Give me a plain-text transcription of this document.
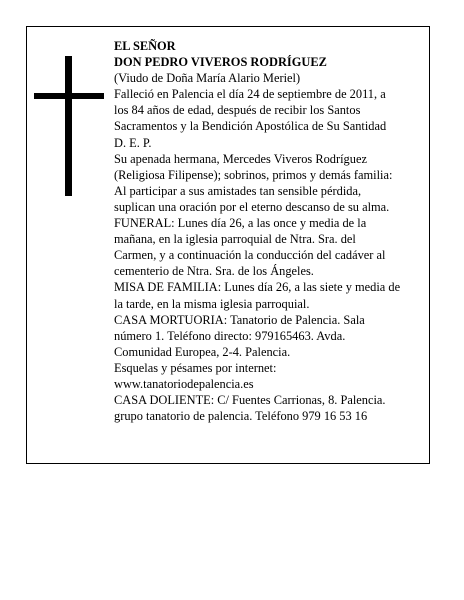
EL SEÑOR
DON PEDRO VIVEROS RODRÍGUEZ
(Viudo de Doña María Alario Meriel)
Falleció en Palencia el día 24 de septiembre de 2011, a
los 84 años de edad, después de recibir los Santos
Sacramentos y la Bendición Apostólica de Su Santidad
D. E. P.
Su apenada hermana, Mercedes Viveros Rodríguez
(Religiosa Filipense); sobrinos, primos y demás familia:
Al participar a sus amistades tan sensible pérdida,
suplican una oración por el eterno descanso de su alma.
FUNERAL: Lunes día 26, a las once y media de la
mañana, en la iglesia parroquial de Ntra. Sra. del
Carmen, y a continuación la conducción del cadáver al
cementerio de Ntra. Sra. de los Ángeles.
MISA DE FAMILIA: Lunes día 26, a las siete y media de
la tarde, en la misma iglesia parroquial.
CASA MORTUORIA: Tanatorio de Palencia. Sala
número 1. Teléfono directo: 979165463. Avda.
Comunidad Europea, 2-4. Palencia.
Esquelas y pésames por internet:
www.tanatoriodepalencia.es
CASA DOLIENTE: C/ Fuentes Carrionas, 8. Palencia.
grupo tanatorio de palencia. Teléfono 979 16 53 16
